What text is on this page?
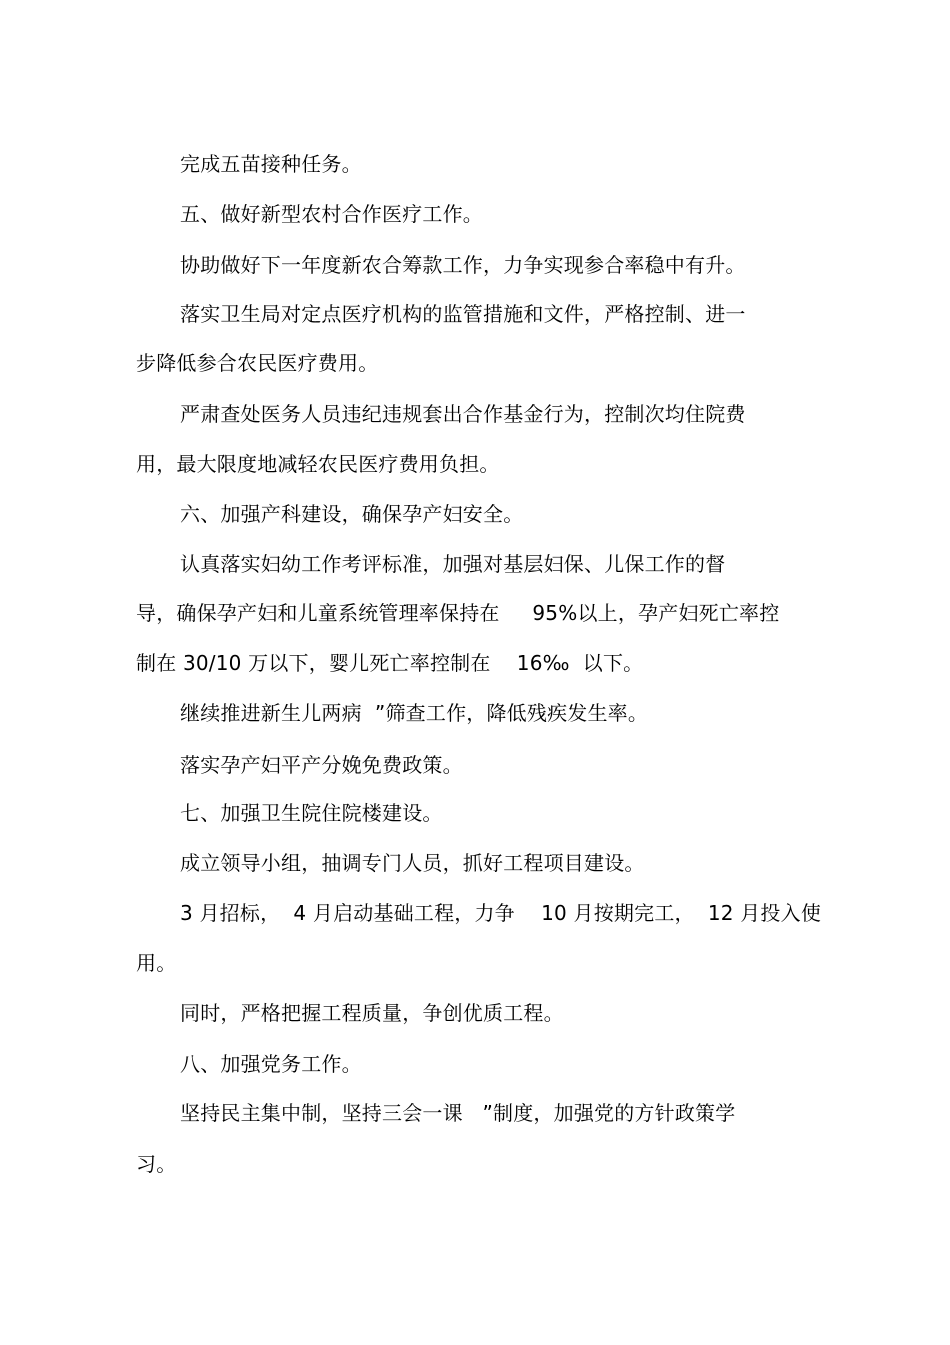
完成五苗接种任务。
五、做好新型农村合作医疗工作。
协助做好下一年度新农合筹款工作，力争实现参合率稳中有升。
落实卫生局对定点医疗机构的监管措施和文件，严格控制、进一
步降低参合农民医疗费用。
严肃查处医务人员违纪违规套出合作基金行为，控制次均住院费
用，最大限度地减轻农民医疗费用负担。
六、加强产科建设，确保孕产妇安全。
认真落实妇幼工作考评标准，加强对基层妇保、儿保工作的督
导，确保孕产妇和儿童系统管理率保持在     95%以上，孕产妇死亡率控
制在 30/10 万以下，婴儿死亡率控制在    16‰  以下。
继续推进新生儿两病  ”筛查工作，降低残疾发生率。
落实孕产妇平产分娩免费政策。
七、加强卫生院住院楼建设。
成立领导小组，抽调专门人员，抓好工程项目建设。
3 月招标，  4 月启动基础工程，力争    10 月按期完工，  12 月投入使
用。
同时，严格把握工程质量，争创优质工程。
八、加强党务工作。
坚持民主集中制，坚持三会一课   ”制度，加强党的方针政策学
习。
